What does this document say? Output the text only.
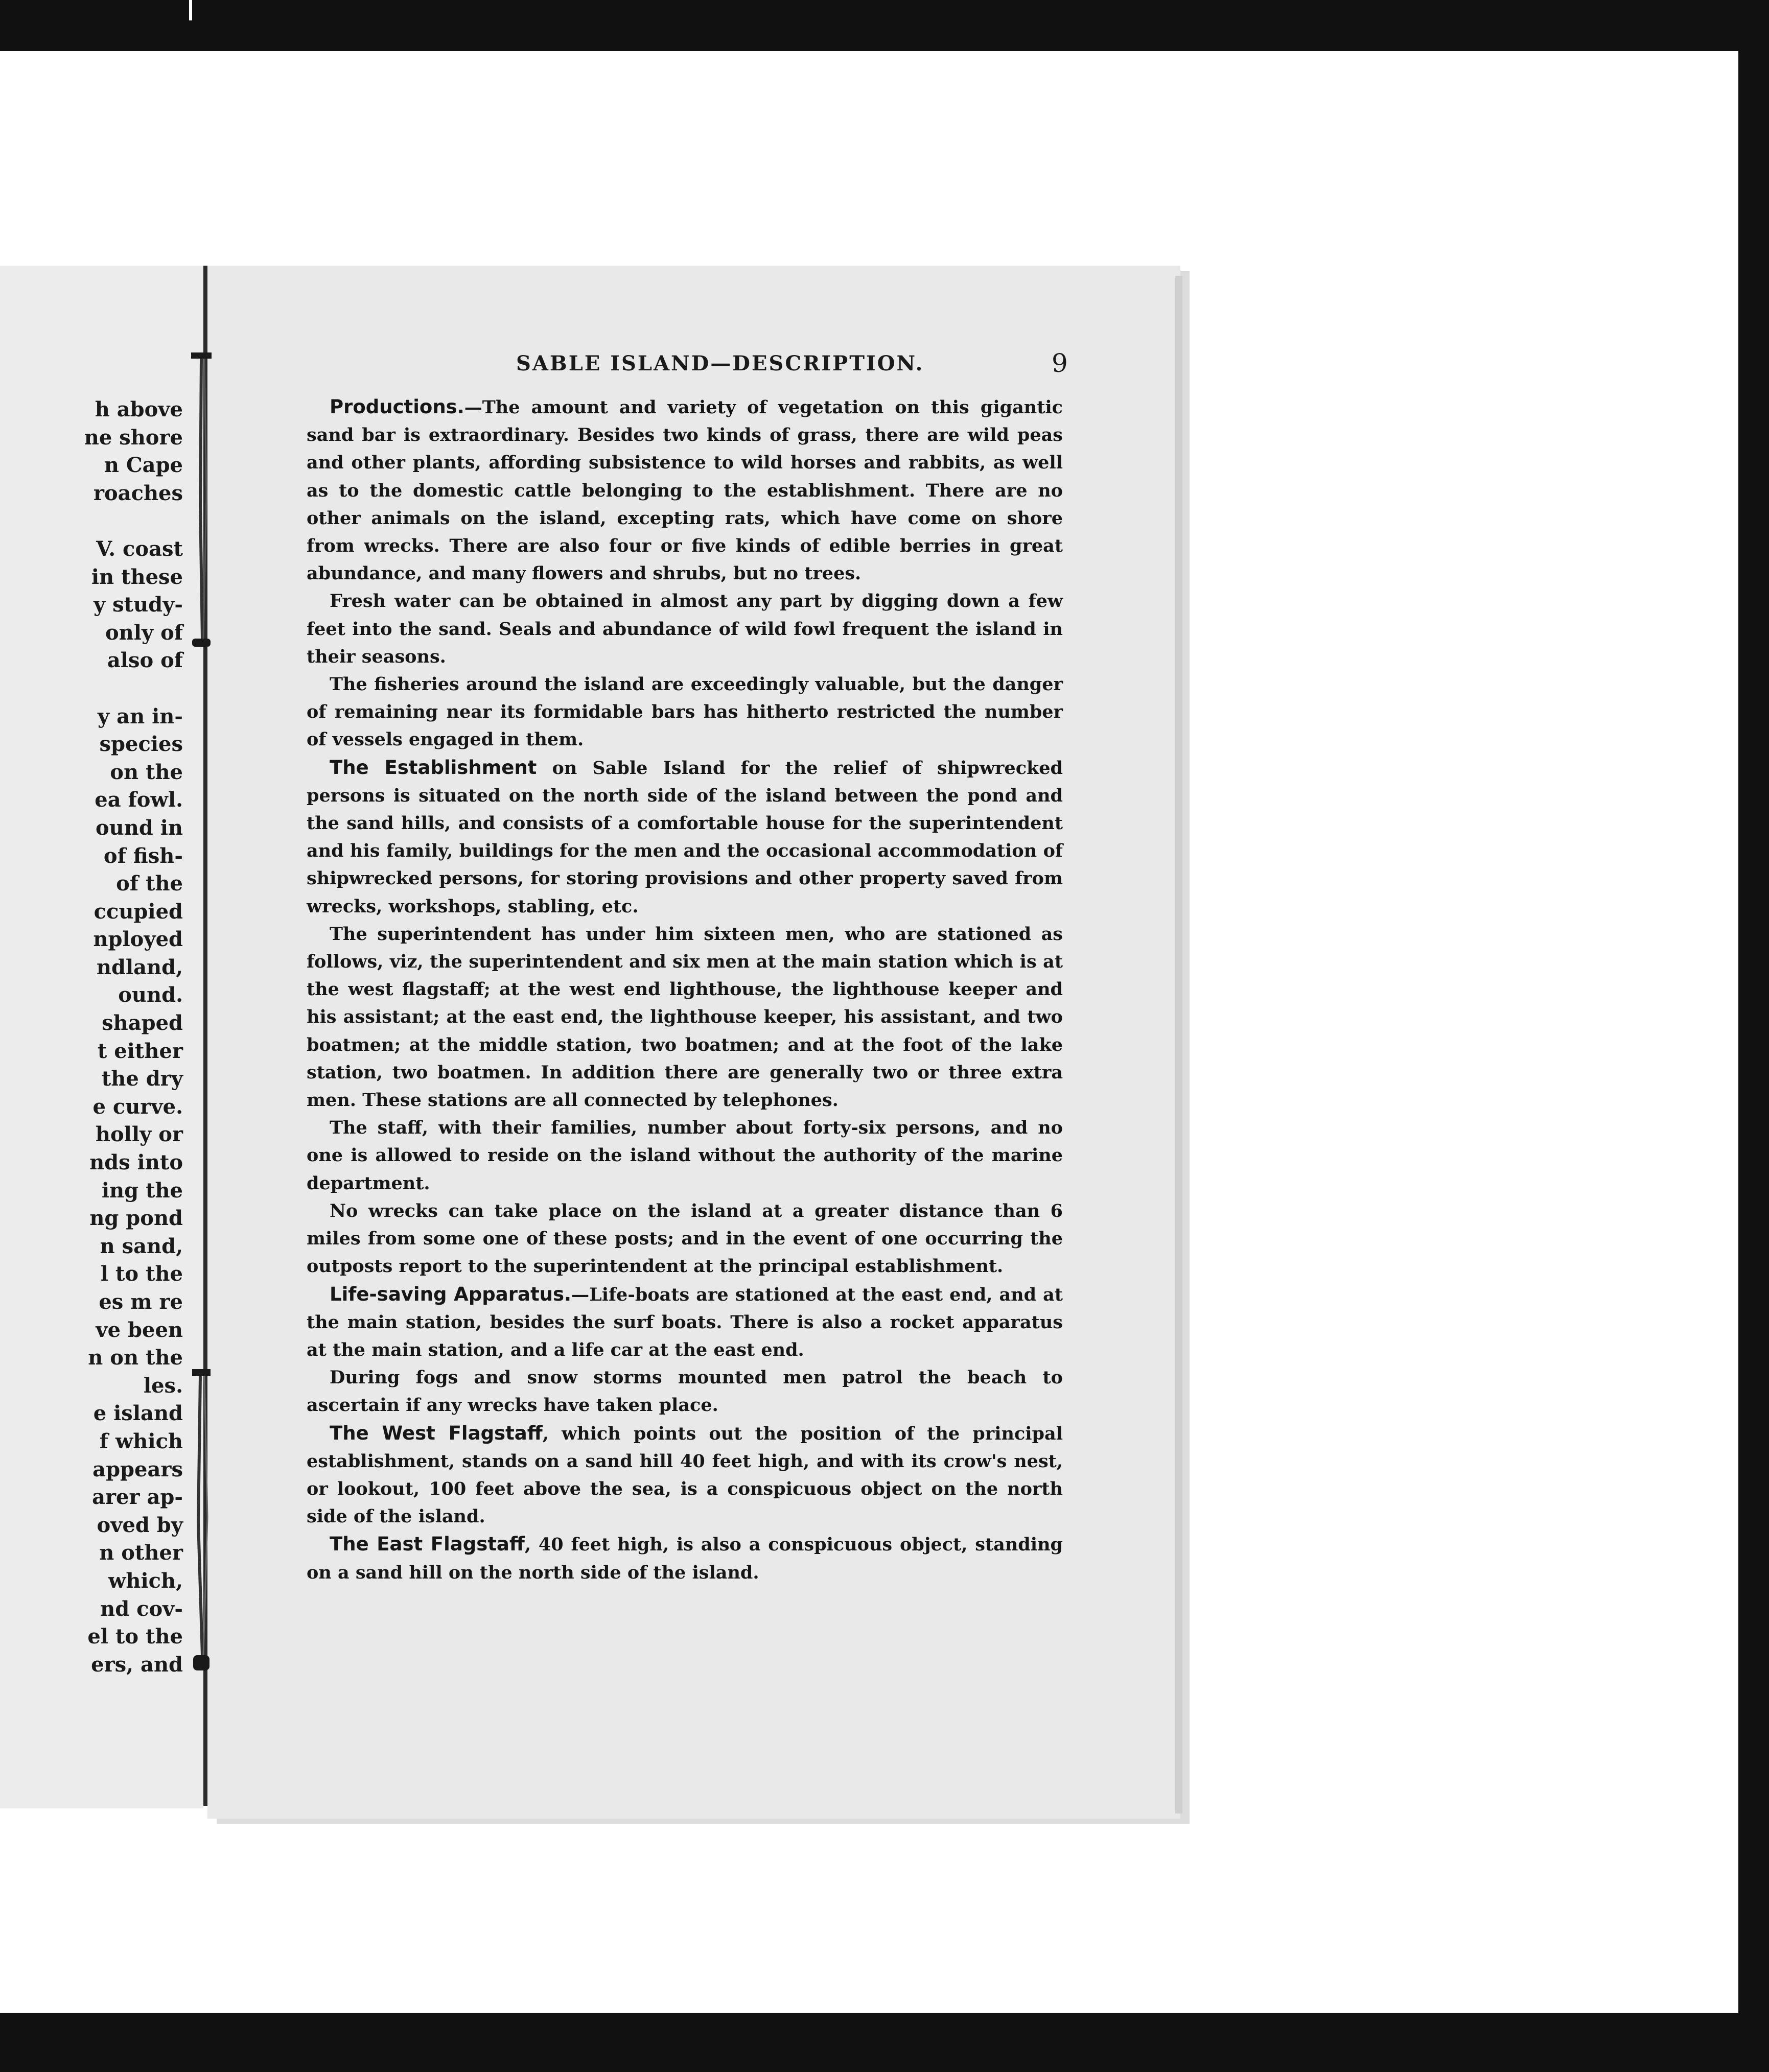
h above
ne shore
n Cape
roaches
V. coast
in these
y study-
only of
also of
y an in-
species
on the
ea fowl.
ound in
of fish-
of the
ccupied
nployed
ndland,
ound.
shaped
t either
the dry
e curve.
holly or
nds into
ing the
ng pond
n sand,
l to the
es m re
ve been
n on the
les.
e island
f which
appears
arer ap-
oved by
n other
which,
nd cov-
el to the
ers, and
SABLE ISLAND—DESCRIPTION.	9

Productions.—The amount and variety of vegetation on this gigantic sand bar is extraordinary. Besides two kinds of grass, there are wild peas and other plants, affording subsistence to wild horses and rabbits, as well as to the domestic cattle belonging to the establishment. There are no other animals on the island, excepting rats, which have come on shore from wrecks. There are also four or five kinds of edible berries in great abundance, and many flowers and shrubs, but no trees.

Fresh water can be obtained in almost any part by digging down a few feet into the sand. Seals and abundance of wild fowl frequent the island in their seasons.

The fisheries around the island are exceedingly valuable, but the danger of remaining near its formidable bars has hitherto restricted the number of vessels engaged in them.

The Establishment on Sable Island for the relief of shipwrecked persons is situated on the north side of the island between the pond and the sand hills, and consists of a comfortable house for the superintendent and his family, buildings for the men and the occasional accommodation of shipwrecked persons, for storing provisions and other property saved from wrecks, workshops, stabling, etc.

The superintendent has under him sixteen men, who are stationed as follows, viz, the superintendent and six men at the main station which is at the west flagstaff; at the west end lighthouse, the lighthouse keeper and his assistant; at the east end, the lighthouse keeper, his assistant, and two boatmen; at the middle station, two boatmen; and at the foot of the lake station, two boatmen. In addition there are generally two or three extra men. These stations are all connected by telephones.

The staff, with their families, number about forty-six persons, and no one is allowed to reside on the island without the authority of the marine department.

No wrecks can take place on the island at a greater distance than 6 miles from some one of these posts; and in the event of one occurring the outposts report to the superintendent at the principal establishment.

Life-saving Apparatus.—Life-boats are stationed at the east end, and at the main station, besides the surf boats. There is also a rocket apparatus at the main station, and a life car at the east end.

During fogs and snow storms mounted men patrol the beach to ascertain if any wrecks have taken place.

The West Flagstaff, which points out the position of the principal establishment, stands on a sand hill 40 feet high, and with its crow's nest, or lookout, 100 feet above the sea, is a conspicuous object on the north side of the island.

The East Flagstaff, 40 feet high, is also a conspicuous object, standing on a sand hill on the north side of the island.
